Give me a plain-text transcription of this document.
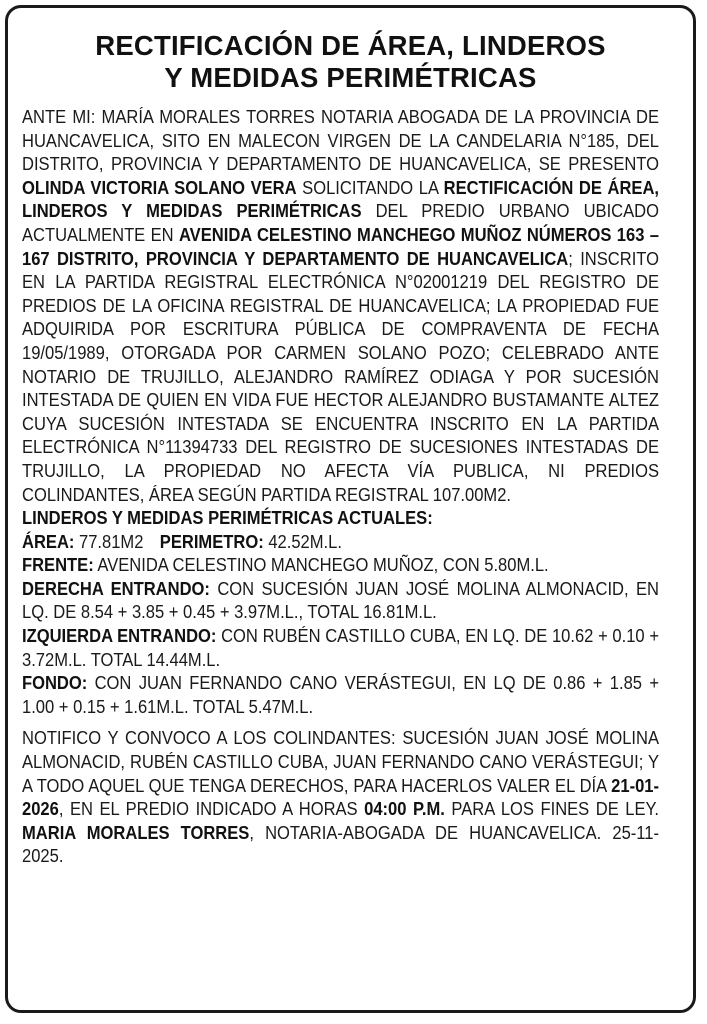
RECTIFICACIÓN DE ÁREA, LINDEROS
Y MEDIDAS PERIMÉTRICAS

ANTE MI: MARÍA MORALES TORRES NOTARIA ABOGADA DE LA PROVINCIA DE HUANCAVELICA, SITO EN MALECON VIRGEN DE LA CANDELARIA N°185, DEL DISTRITO, PROVINCIA Y DEPARTAMENTO DE HUANCAVELICA, SE PRESENTO OLINDA VICTORIA SOLANO VERA SOLICITANDO LA RECTIFICACIÓN DE ÁREA, LINDEROS Y MEDIDAS PERIMÉTRICAS DEL PREDIO URBANO UBICADO ACTUALMENTE EN AVENIDA CELESTINO MANCHEGO MUÑOZ NÚMEROS 163 – 167 DISTRITO, PROVINCIA Y DEPARTAMENTO DE HUANCAVELICA; INSCRITO EN LA PARTIDA REGISTRAL ELECTRÓNICA N°02001219 DEL REGISTRO DE PREDIOS DE LA OFICINA REGISTRAL DE HUANCAVELICA; LA PROPIEDAD FUE ADQUIRIDA POR ESCRITURA PÚBLICA DE COMPRAVENTA DE FECHA 19/05/1989, OTORGADA POR CARMEN SOLANO POZO; CELEBRADO ANTE NOTARIO DE TRUJILLO, ALEJANDRO RAMÍREZ ODIAGA Y POR SUCESIÓN INTESTADA DE QUIEN EN VIDA FUE HECTOR ALEJANDRO BUSTAMANTE ALTEZ CUYA SUCESIÓN INTESTADA SE ENCUENTRA INSCRITO EN LA PARTIDA ELECTRÓNICA N°11394733 DEL REGISTRO DE SUCESIONES INTESTADAS DE TRUJILLO, LA PROPIEDAD NO AFECTA VÍA PUBLICA, NI PREDIOS COLINDANTES, ÁREA SEGÚN PARTIDA REGISTRAL 107.00M2.

LINDEROS Y MEDIDAS PERIMÉTRICAS ACTUALES:

ÁREA: 77.81M2 PERIMETRO: 42.52M.L.

FRENTE: AVENIDA CELESTINO MANCHEGO MUÑOZ, CON 5.80M.L.

DERECHA ENTRANDO: CON SUCESIÓN JUAN JOSÉ MOLINA ALMONACID, EN LQ. DE 8.54 + 3.85 + 0.45 + 3.97M.L., TOTAL 16.81M.L.

IZQUIERDA ENTRANDO: CON RUBÉN CASTILLO CUBA, EN LQ. DE 10.62 + 0.10 + 3.72M.L. TOTAL 14.44M.L.

FONDO: CON JUAN FERNANDO CANO VERÁSTEGUI, EN LQ DE 0.86 + 1.85 + 1.00 + 0.15 + 1.61M.L. TOTAL 5.47M.L.

NOTIFICO Y CONVOCO A LOS COLINDANTES: SUCESIÓN JUAN JOSÉ MOLINA ALMONACID, RUBÉN CASTILLO CUBA, JUAN FERNANDO CANO VERÁSTEGUI; Y A TODO AQUEL QUE TENGA DERECHOS, PARA HACERLOS VALER EL DÍA 21-01-2026, EN EL PREDIO INDICADO A HORAS 04:00 P.M. PARA LOS FINES DE LEY. MARIA MORALES TORRES, NOTARIA-ABOGADA DE HUANCAVELICA. 25-11-2025.
